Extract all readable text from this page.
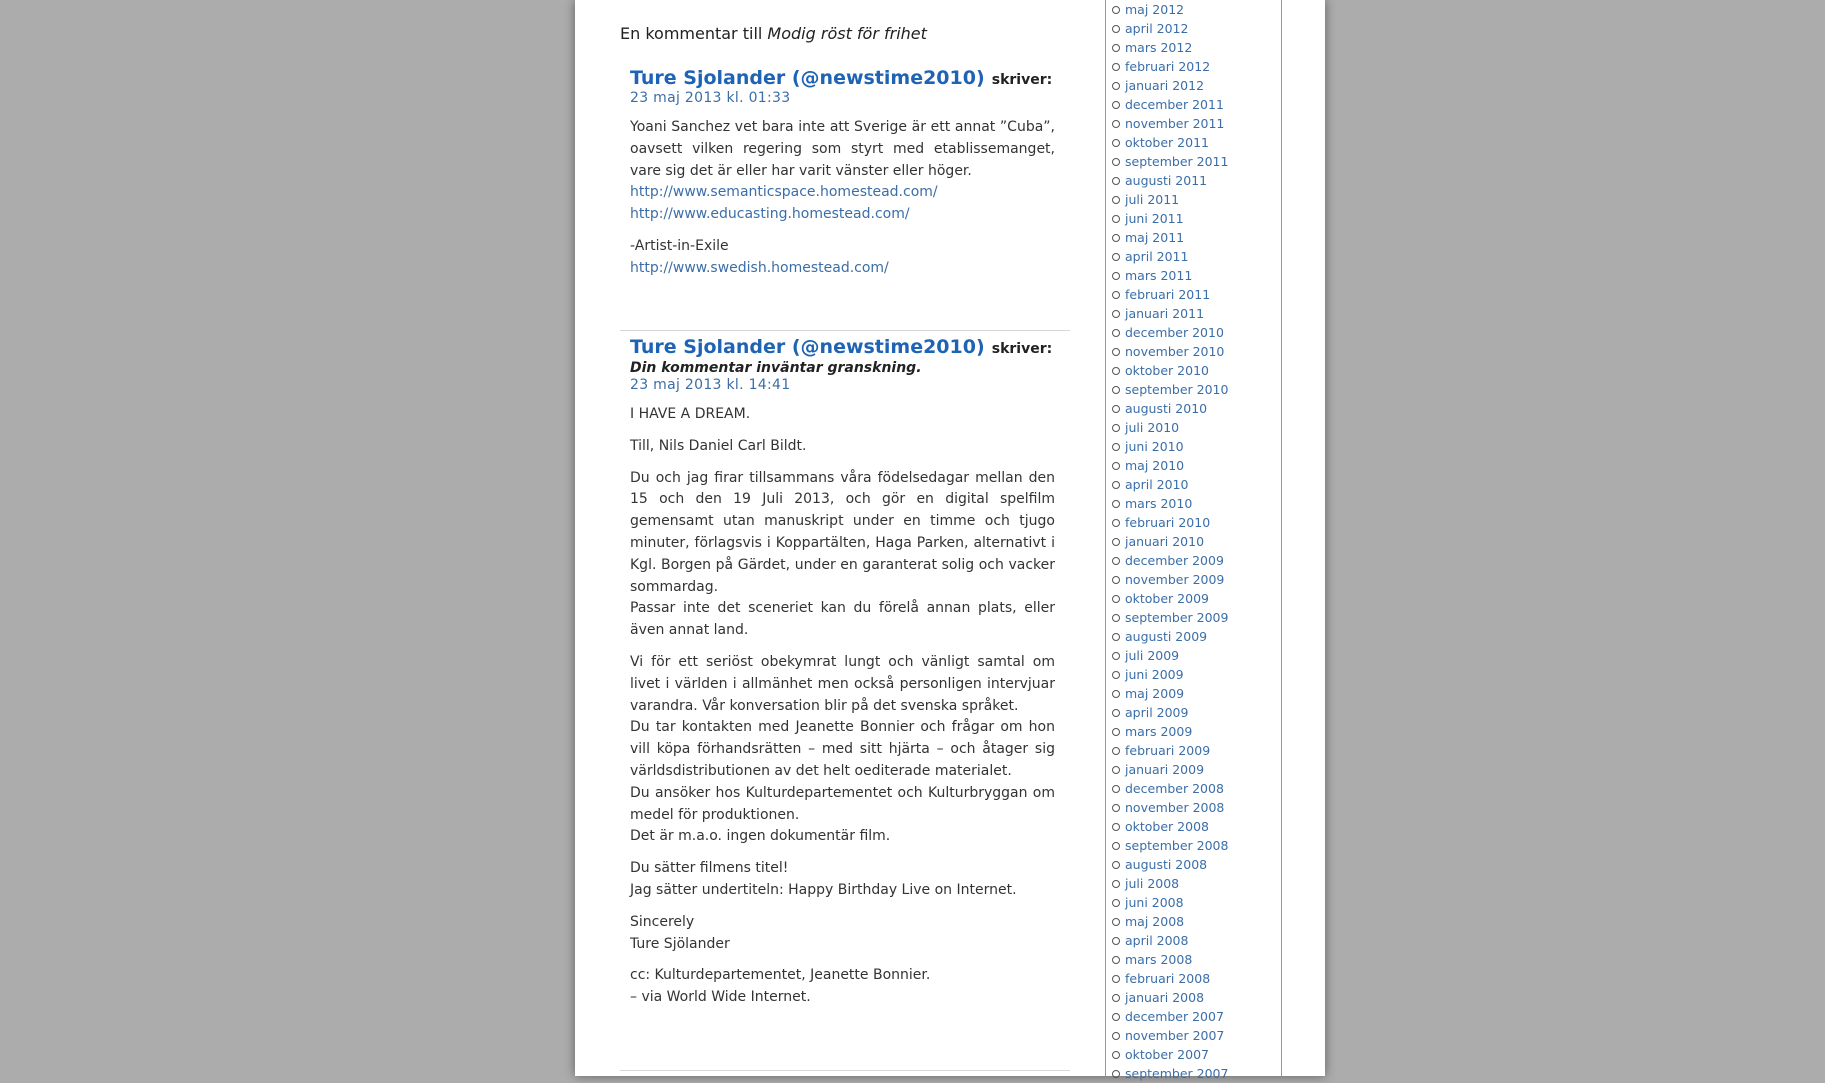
En kommentar till Modig röst för frihet
Ture Sjolander (@newstime2010) skriver:
23 maj 2013 kl. 01:33

Yoani Sanchez vet bara inte att Sverige är ett annat ”Cuba”, oavsett vilken regering som styrt med etablissemanget, vare sig det är eller har varit vänster eller höger.
http://www.semanticspace.homestead.com/
http://www.educasting.homestead.com/

-Artist-in-Exile
http://www.swedish.homestead.com/

Ture Sjolander (@newstime2010) skriver:
Din kommentar inväntar granskning.
23 maj 2013 kl. 14:41

I HAVE A DREAM.

Till, Nils Daniel Carl Bildt.

Du och jag firar tillsammans våra födelsedagar mellan den 15 och den 19 Juli 2013, och gör en digital spelfilm gemensamt utan manuskript under en timme och tjugo minuter, förlagsvis i Koppartälten, Haga Parken, alternativt i Kgl. Borgen på Gärdet, under en garanterat solig och vacker sommardag.
Passar inte det sceneriet kan du förelå annan plats, eller även annat land.

Vi för ett seriöst obekymrat lungt och vänligt samtal om livet i världen i allmänhet men också personligen intervjuar varandra. Vår konversation blir på det svenska språket.
Du tar kontakten med Jeanette Bonnier och frågar om hon vill köpa förhandsrätten – med sitt hjärta – och åtager sig världsdistributionen av det helt oediterade materialet.
Du ansöker hos Kulturdepartementet och Kulturbryggan om medel för produktionen.
Det är m.a.o. ingen dokumentär film.

Du sätter filmens titel!
Jag sätter undertiteln: Happy Birthday Live on Internet.

Sincerely
Ture Sjölander

cc: Kulturdepartementet, Jeanette Bonnier.
– via World Wide Internet.

maj 2012
april 2012
mars 2012
februari 2012
januari 2012
december 2011
november 2011
oktober 2011
september 2011
augusti 2011
juli 2011
juni 2011
maj 2011
april 2011
mars 2011
februari 2011
januari 2011
december 2010
november 2010
oktober 2010
september 2010
augusti 2010
juli 2010
juni 2010
maj 2010
april 2010
mars 2010
februari 2010
januari 2010
december 2009
november 2009
oktober 2009
september 2009
augusti 2009
juli 2009
juni 2009
maj 2009
april 2009
mars 2009
februari 2009
januari 2009
december 2008
november 2008
oktober 2008
september 2008
augusti 2008
juli 2008
juni 2008
maj 2008
april 2008
mars 2008
februari 2008
januari 2008
december 2007
november 2007
oktober 2007
september 2007
